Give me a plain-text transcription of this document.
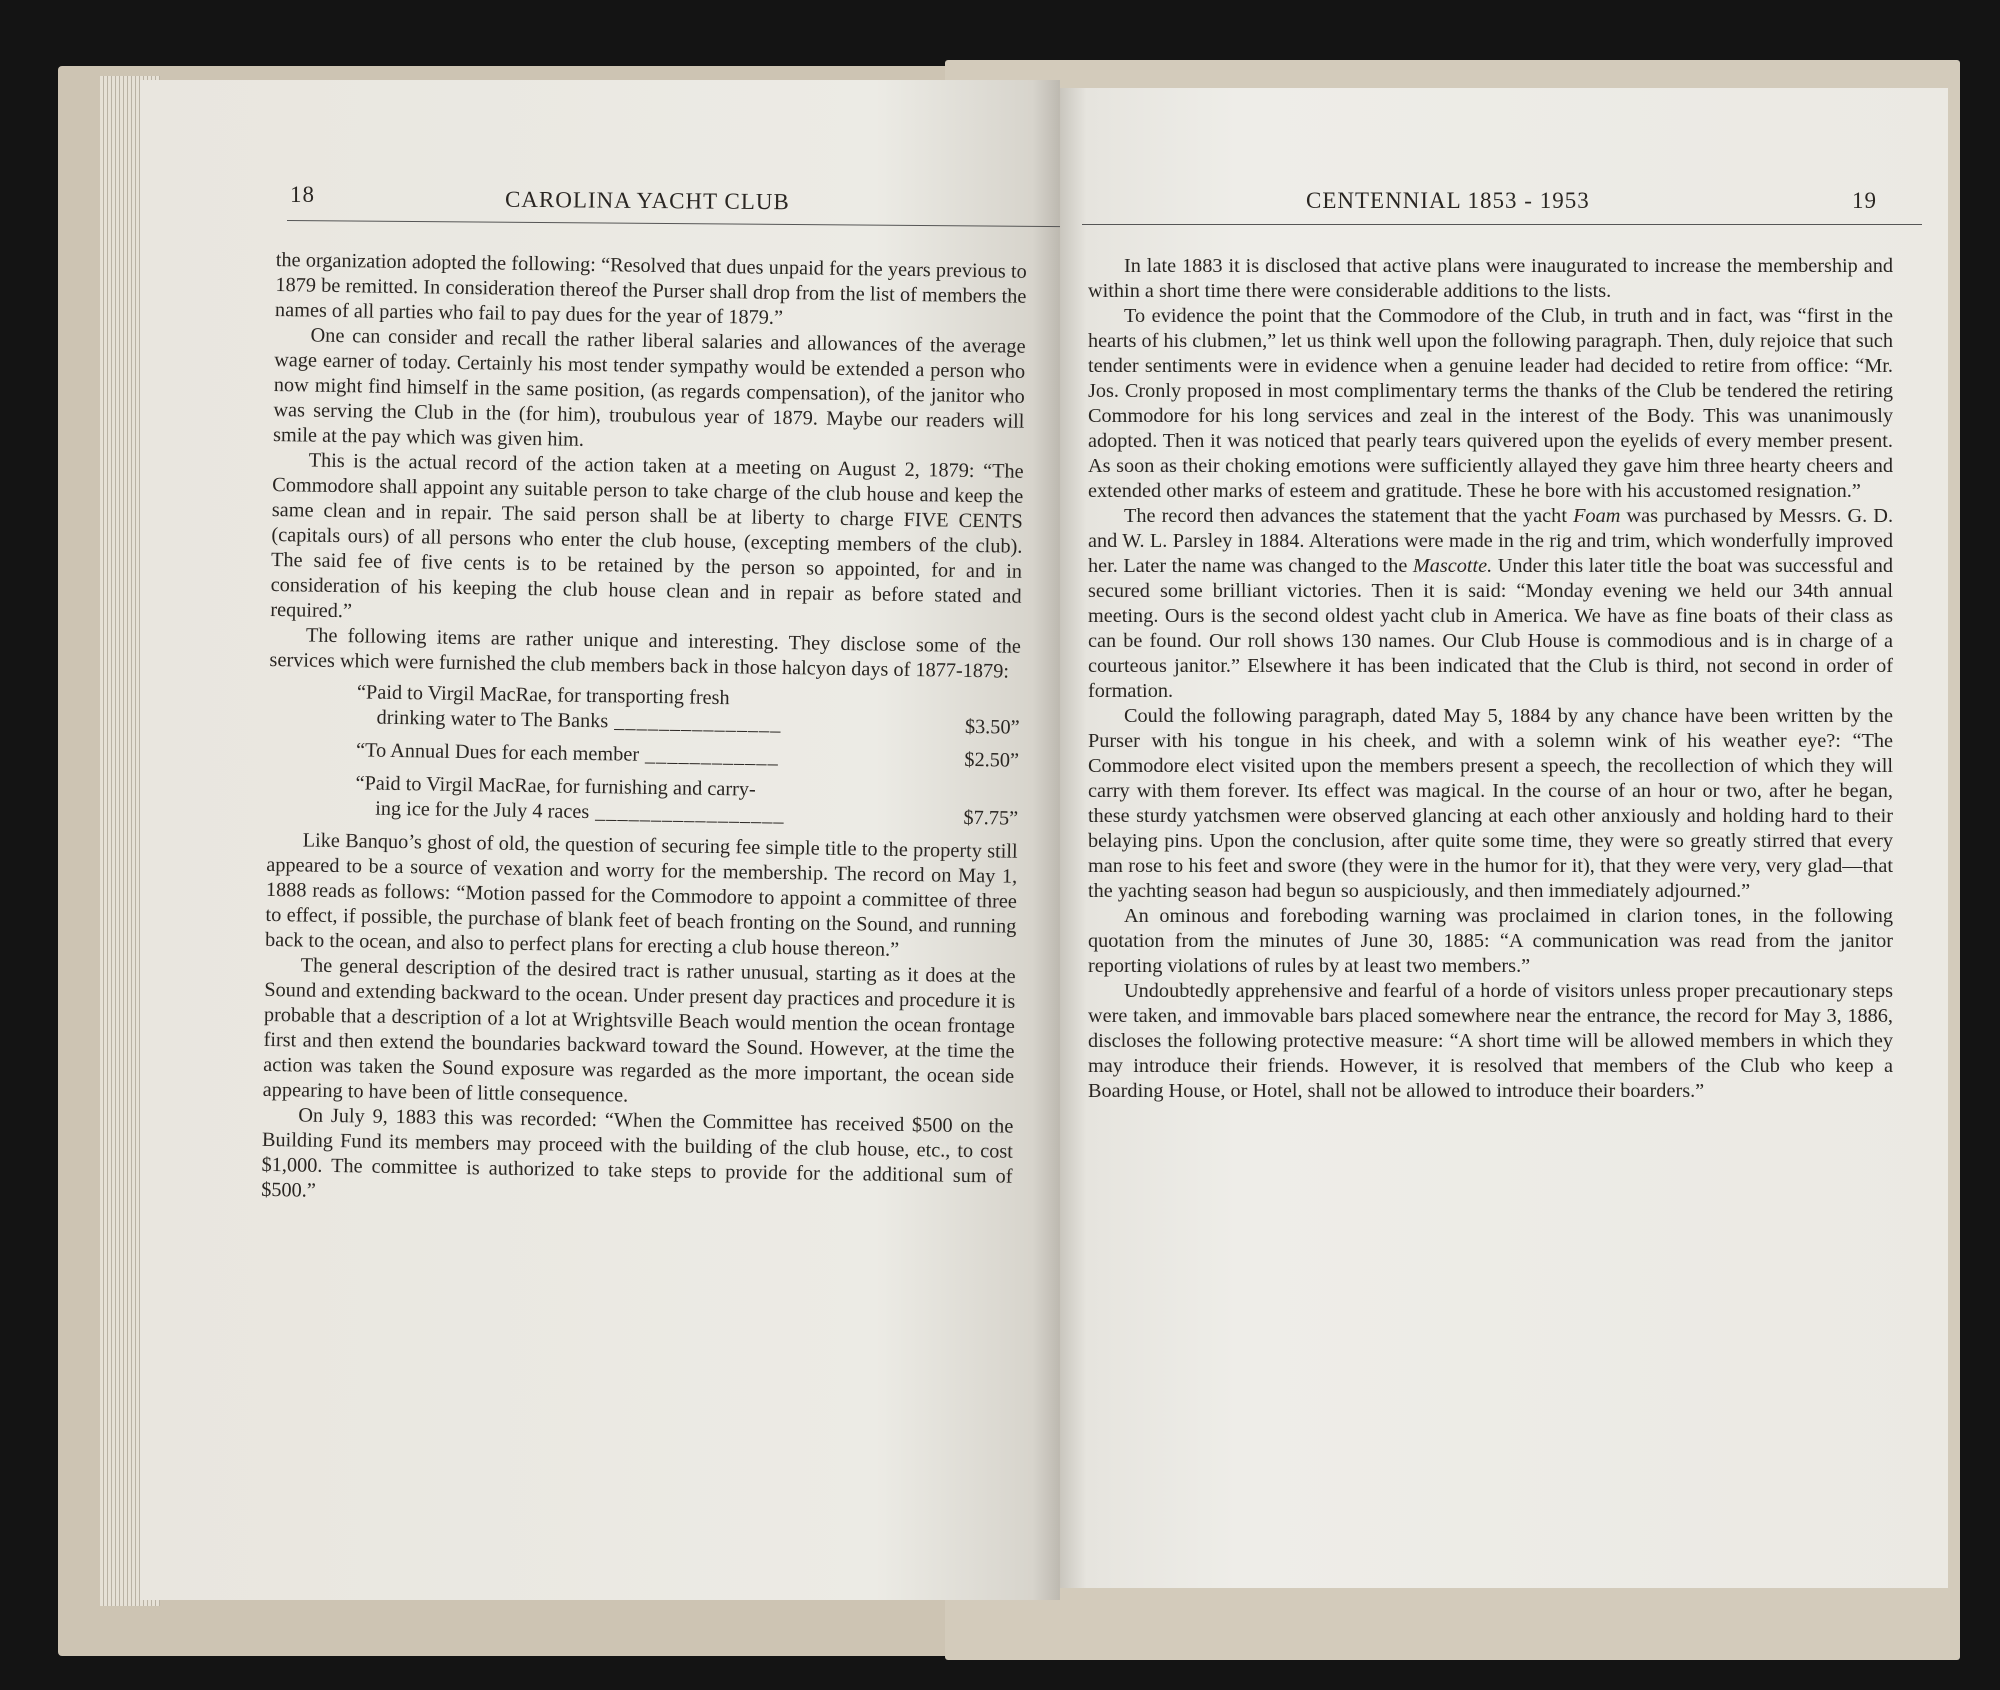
18	CAROLINA YACHT CLUB

the organization adopted the following: “Resolved that dues unpaid for the years previous to 1879 be remitted. In consideration thereof the Purser shall drop from the list of members the names of all parties who fail to pay dues for the year of 1879.”

One can consider and recall the rather liberal salaries and allowances of the average wage earner of today. Certainly his most tender sympathy would be extended a person who now might find himself in the same position, (as regards compensation), of the janitor who was serving the Club in the (for him), troubulous year of 1879. Maybe our readers will smile at the pay which was given him.

This is the actual record of the action taken at a meeting on August 2, 1879: “The Commodore shall appoint any suitable person to take charge of the club house and keep the same clean and in repair. The said person shall be at liberty to charge FIVE CENTS (capitals ours) of all persons who enter the club house, (excepting members of the club). The said fee of five cents is to be retained by the person so appointed, for and in consideration of his keeping the club house clean and in repair as before stated and required.”

The following items are rather unique and interesting. They disclose some of the services which were furnished the club members back in those halcyon days of 1877-1879:

“Paid to Virgil MacRae, for transporting fresh
drinking water to The Banks _______________	$3.50”
“To Annual Dues for each member ____________	$2.50”
“Paid to Virgil MacRae, for furnishing and carry-
ing ice for the July 4 races _________________	$7.75”

Like Banquo’s ghost of old, the question of securing fee simple title to the property still appeared to be a source of vexation and worry for the membership. The record on May 1, 1888 reads as follows: “Motion passed for the Commodore to appoint a committee of three to effect, if possible, the purchase of blank feet of beach fronting on the Sound, and running back to the ocean, and also to perfect plans for erecting a club house thereon.”

The general description of the desired tract is rather unusual, starting as it does at the Sound and extending backward to the ocean. Under present day practices and procedure it is probable that a description of a lot at Wrightsville Beach would mention the ocean frontage first and then extend the boundaries backward toward the Sound. However, at the time the action was taken the Sound exposure was regarded as the more important, the ocean side appearing to have been of little consequence.

On July 9, 1883 this was recorded: “When the Committee has received $500 on the Building Fund its members may proceed with the building of the club house, etc., to cost $1,000. The committee is authorized to take steps to provide for the additional sum of $500.”

CENTENNIAL 1853 - 1953	19

In late 1883 it is disclosed that active plans were inaugurated to increase the membership and within a short time there were considerable additions to the lists.

To evidence the point that the Commodore of the Club, in truth and in fact, was “first in the hearts of his clubmen,” let us think well upon the following paragraph. Then, duly rejoice that such tender sentiments were in evidence when a genuine leader had decided to retire from office: “Mr. Jos. Cronly proposed in most complimentary terms the thanks of the Club be tendered the retiring Commodore for his long services and zeal in the interest of the Body. This was unanimously adopted. Then it was noticed that pearly tears quivered upon the eyelids of every member present. As soon as their choking emotions were sufficiently allayed they gave him three hearty cheers and extended other marks of esteem and gratitude. These he bore with his accustomed resignation.”

The record then advances the statement that the yacht Foam was purchased by Messrs. G. D. and W. L. Parsley in 1884. Alterations were made in the rig and trim, which wonderfully improved her. Later the name was changed to the Mascotte. Under this later title the boat was successful and secured some brilliant victories. Then it is said: “Monday evening we held our 34th annual meeting. Ours is the second oldest yacht club in America. We have as fine boats of their class as can be found. Our roll shows 130 names. Our Club House is commodious and is in charge of a courteous janitor.” Elsewhere it has been indicated that the Club is third, not second in order of formation.

Could the following paragraph, dated May 5, 1884 by any chance have been written by the Purser with his tongue in his cheek, and with a solemn wink of his weather eye?: “The Commodore elect visited upon the members present a speech, the recollection of which they will carry with them forever. Its effect was magical. In the course of an hour or two, after he began, these sturdy yatchsmen were observed glancing at each other anxiously and holding hard to their belaying pins. Upon the conclusion, after quite some time, they were so greatly stirred that every man rose to his feet and swore (they were in the humor for it), that they were very, very glad—that the yachting season had begun so auspiciously, and then immediately adjourned.”

An ominous and foreboding warning was proclaimed in clarion tones, in the following quotation from the minutes of June 30, 1885: “A communication was read from the janitor reporting violations of rules by at least two members.”

Undoubtedly apprehensive and fearful of a horde of visitors unless proper precautionary steps were taken, and immovable bars placed somewhere near the entrance, the record for May 3, 1886, discloses the following protective measure: “A short time will be allowed members in which they may introduce their friends. However, it is resolved that members of the Club who keep a Boarding House, or Hotel, shall not be allowed to introduce their boarders.”
